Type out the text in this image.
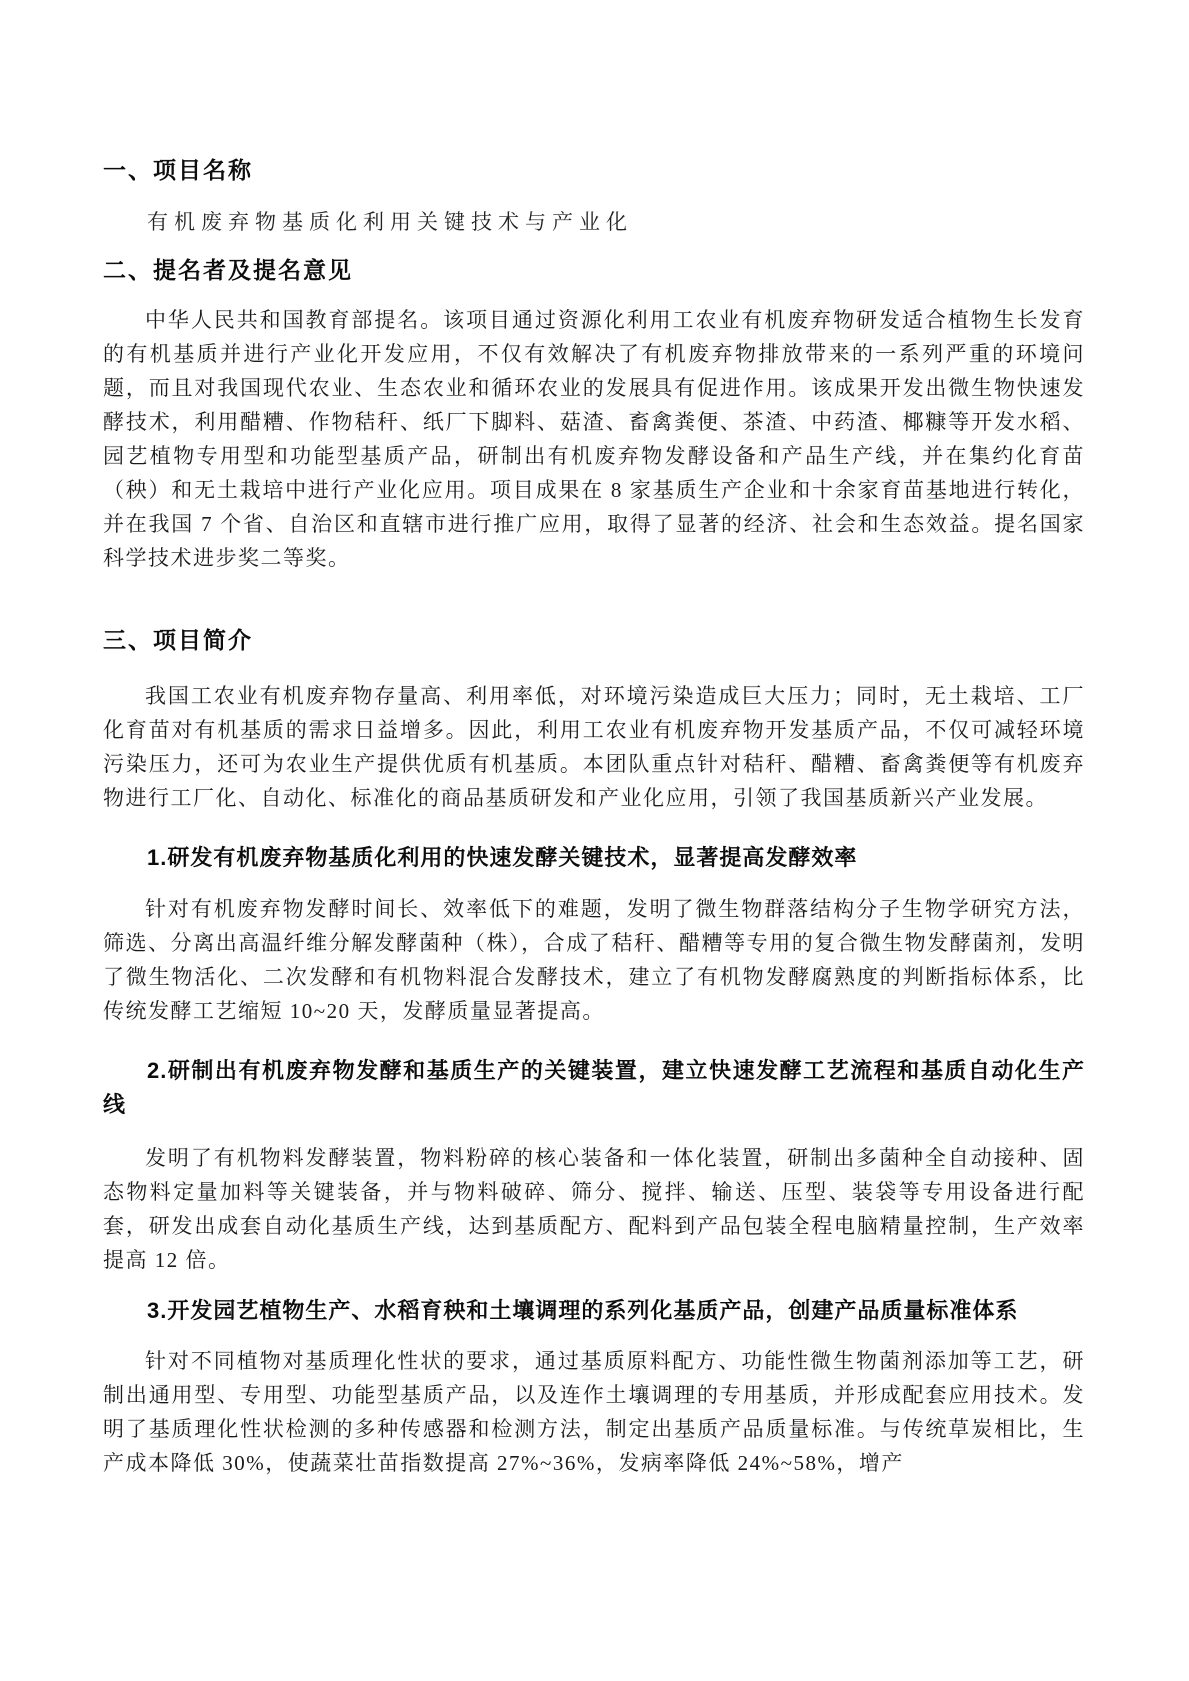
一、项目名称
有机废弃物基质化利用关键技术与产业化
二、提名者及提名意见

中华人民共和国教育部提名。该项目通过资源化利用工农业有机废弃物研发适合植物生长发育的有机基质并进行产业化开发应用，不仅有效解决了有机废弃物排放带来的一系列严重的环境问题，而且对我国现代农业、生态农业和循环农业的发展具有促进作用。该成果开发出微生物快速发酵技术，利用醋糟、作物秸秆、纸厂下脚料、菇渣、畜禽粪便、茶渣、中药渣、椰糠等开发水稻、园艺植物专用型和功能型基质产品，研制出有机废弃物发酵设备和产品生产线，并在集约化育苗（秧）和无土栽培中进行产业化应用。项目成果在 8 家基质生产企业和十余家育苗基地进行转化，并在我国 7 个省、自治区和直辖市进行推广应用，取得了显著的经济、社会和生态效益。提名国家科学技术进步奖二等奖。

三、项目简介

我国工农业有机废弃物存量高、利用率低，对环境污染造成巨大压力；同时，无土栽培、工厂化育苗对有机基质的需求日益增多。因此，利用工农业有机废弃物开发基质产品，不仅可减轻环境污染压力，还可为农业生产提供优质有机基质。本团队重点针对秸秆、醋糟、畜禽粪便等有机废弃物进行工厂化、自动化、标准化的商品基质研发和产业化应用，引领了我国基质新兴产业发展。

1.研发有机废弃物基质化利用的快速发酵关键技术，显著提高发酵效率

针对有机废弃物发酵时间长、效率低下的难题，发明了微生物群落结构分子生物学研究方法，筛选、分离出高温纤维分解发酵菌种（株），合成了秸秆、醋糟等专用的复合微生物发酵菌剂，发明了微生物活化、二次发酵和有机物料混合发酵技术，建立了有机物发酵腐熟度的判断指标体系，比传统发酵工艺缩短 10~20 天，发酵质量显著提高。

2.研制出有机废弃物发酵和基质生产的关键装置，建立快速发酵工艺流程和基质自动化生产线

发明了有机物料发酵装置，物料粉碎的核心装备和一体化装置，研制出多菌种全自动接种、固态物料定量加料等关键装备，并与物料破碎、筛分、搅拌、输送、压型、装袋等专用设备进行配套，研发出成套自动化基质生产线，达到基质配方、配料到产品包装全程电脑精量控制，生产效率提高 12 倍。

3.开发园艺植物生产、水稻育秧和土壤调理的系列化基质产品，创建产品质量标准体系

针对不同植物对基质理化性状的要求，通过基质原料配方、功能性微生物菌剂添加等工艺，研制出通用型、专用型、功能型基质产品，以及连作土壤调理的专用基质，并形成配套应用技术。发明了基质理化性状检测的多种传感器和检测方法，制定出基质产品质量标准。与传统草炭相比，生产成本降低 30%，使蔬菜壮苗指数提高 27%~36%，发病率降低 24%~58%，增产
